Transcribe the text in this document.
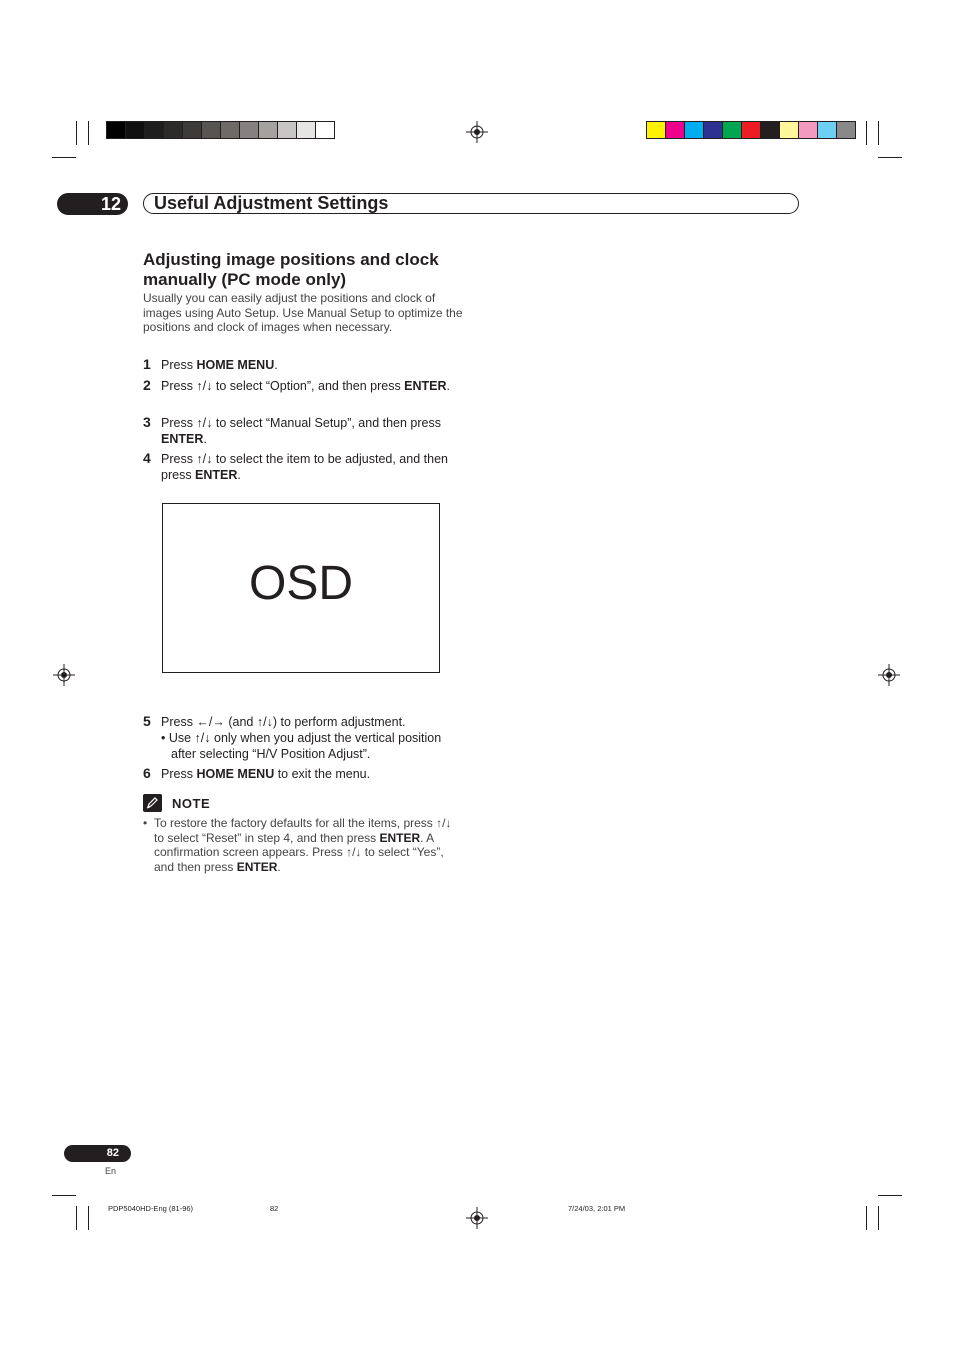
12	Useful Adjustment Settings
Adjusting image positions and clock manually (PC mode only)
Usually you can easily adjust the positions and clock of images using Auto Setup. Use Manual Setup to optimize the positions and clock of images when necessary.
1 Press HOME MENU.
2 Press ↑/↓ to select “Option”, and then press ENTER.
3 Press ↑/↓ to select “Manual Setup”, and then press ENTER.
4 Press ↑/↓ to select the item to be adjusted, and then press ENTER.
OSD
5 Press ←/→ (and ↑/↓) to perform adjustment.
• Use ↑/↓ only when you adjust the vertical position after selecting “H/V Position Adjust”.
6 Press HOME MENU to exit the menu.
NOTE
• To restore the factory defaults for all the items, press ↑/↓ to select “Reset” in step 4, and then press ENTER. A confirmation screen appears. Press ↑/↓ to select “Yes”, and then press ENTER.
82
En
PDP5040HD-Eng (81-96)	82	7/24/03, 2:01 PM
